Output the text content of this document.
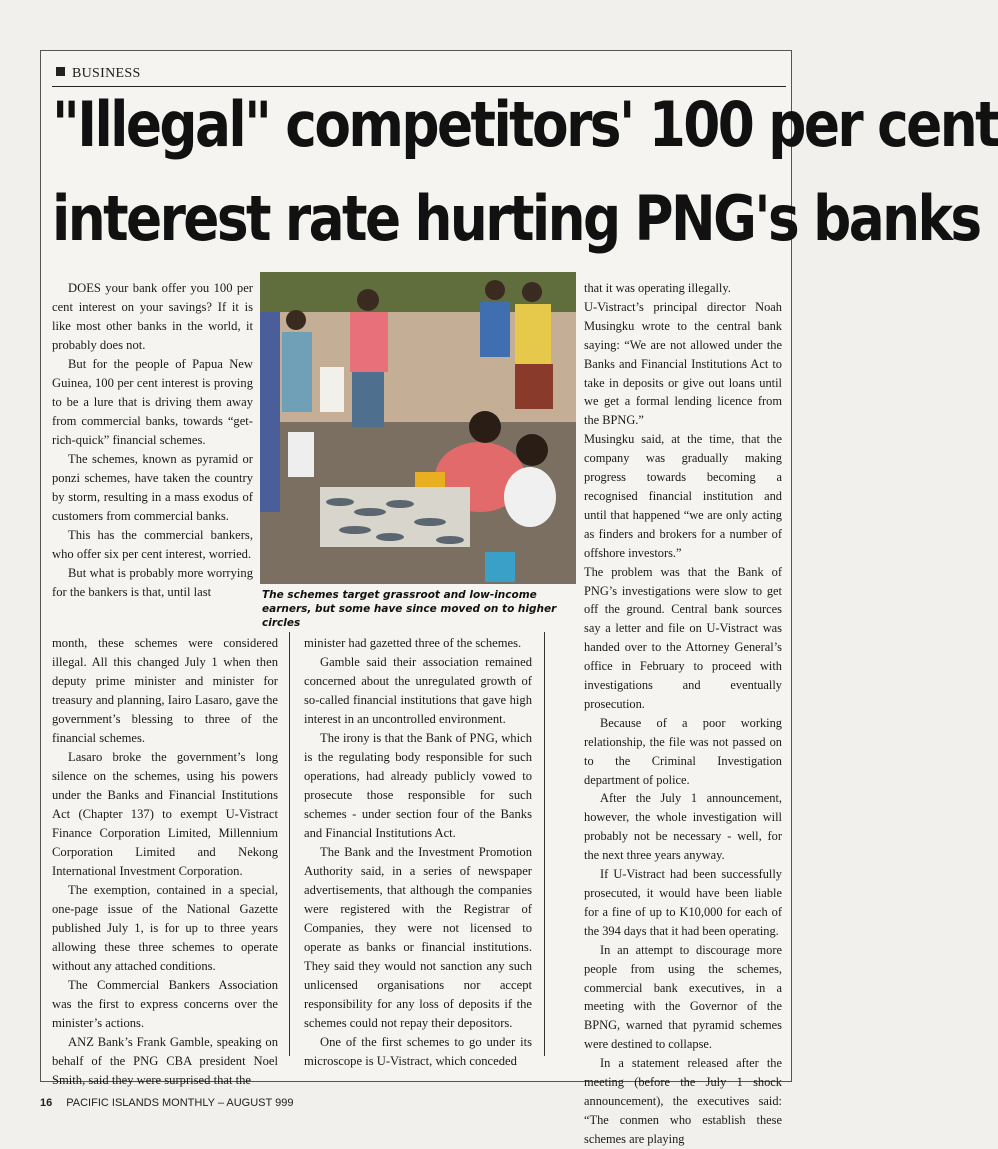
BUSINESS
"Illegal" competitors' 100 per cent
interest rate hurting PNG's banks
The schemes target grassroot and low-income earners, but some have since moved on to higher circles

DOES your bank offer you 100 per cent interest on your savings? If it is like most other banks in the world, it probably does not.

But for the people of Papua New Guinea, 100 per cent interest is proving to be a lure that is driving them away from commercial banks, towards “get-rich-quick” financial schemes.

The schemes, known as pyramid or ponzi schemes, have taken the country by storm, resulting in a mass exodus of customers from commercial banks.

This has the commercial bankers, who offer six per cent interest, worried.

But what is probably more worrying for the bankers is that, until last

month, these schemes were considered illegal. All this changed July 1 when then deputy prime minister and minister for treasury and planning, Iairo Lasaro, gave the government’s blessing to three of the financial schemes.

Lasaro broke the government’s long silence on the schemes, using his powers under the Banks and Financial Institutions Act (Chapter 137) to exempt U-Vistract Finance Corporation Limited, Millennium Corporation Limited and Nekong International Investment Corporation.

The exemption, contained in a special, one-page issue of the National Gazette published July 1, is for up to three years allowing these three schemes to operate without any attached conditions.

The Commercial Bankers Association was the first to express concerns over the minister’s actions.

ANZ Bank’s Frank Gamble, speaking on behalf of the PNG CBA president Noel Smith, said they were surprised that the

minister had gazetted three of the schemes.

Gamble said their association remained concerned about the unregulated growth of so-called financial institutions that gave high interest in an uncontrolled environment.

The irony is that the Bank of PNG, which is the regulating body responsible for such operations, had already publicly vowed to prosecute those responsible for such schemes - under section four of the Banks and Financial Institutions Act.

The Bank and the Investment Promotion Authority said, in a series of newspaper advertisements, that although the companies were registered with the Registrar of Companies, they were not licensed to operate as banks or financial institutions. They said they would not sanction any such unlicensed organisations nor accept responsibility for any loss of deposits if the schemes could not repay their depositors.

One of the first schemes to go under its microscope is U-Vistract, which conceded

that it was operating illegally.

U-Vistract’s principal director Noah Musingku wrote to the central bank saying: “We are not allowed under the Banks and Financial Institutions Act to take in deposits or give out loans until we get a formal lending licence from the BPNG.”

Musingku said, at the time, that the company was gradually making progress towards becoming a recognised financial institution and until that happened “we are only acting as finders and brokers for a number of offshore investors.”

The problem was that the Bank of PNG’s investigations were slow to get off the ground. Central bank sources say a letter and file on U-Vistract was handed over to the Attorney General’s office in February to proceed with investigations and eventually prosecution.

Because of a poor working relationship, the file was not passed on to the Criminal Investigation department of police.

After the July 1 announcement, however, the whole investigation will probably not be necessary - well, for the next three years anyway.

If U-Vistract had been successfully prosecuted, it would have been liable for a fine of up to K10,000 for each of the 394 days that it had been operating.

In an attempt to discourage more people from using the schemes, commercial bank executives, in a meeting with the Governor of the BPNG, warned that pyramid schemes were destined to collapse.

In a statement released after the meeting (before the July 1 shock announcement), the executives said: “The conmen who establish these schemes are playing

16 PACIFIC ISLANDS MONTHLY – AUGUST 999
